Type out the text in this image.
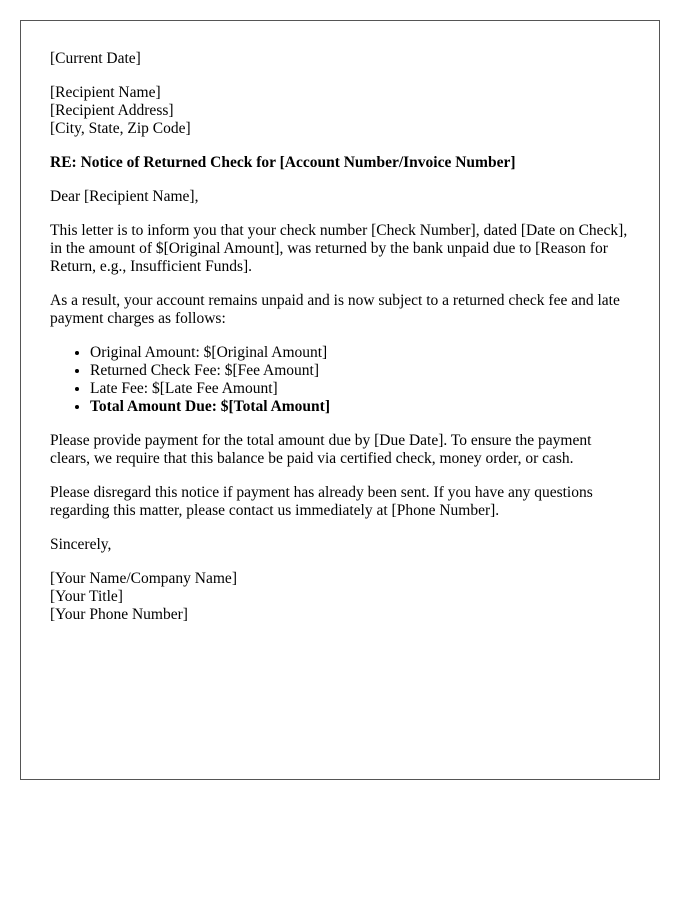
[Current Date]

[Recipient Name]
[Recipient Address]
[City, State, Zip Code]

RE: Notice of Returned Check for [Account Number/Invoice Number]

Dear [Recipient Name],

This letter is to inform you that your check number [Check Number], dated [Date on Check], in the amount of $[Original Amount], was returned by the bank unpaid due to [Reason for Return, e.g., Insufficient Funds].

As a result, your account remains unpaid and is now subject to a returned check fee and late payment charges as follows:

• Original Amount: $[Original Amount]
• Returned Check Fee: $[Fee Amount]
• Late Fee: $[Late Fee Amount]
• Total Amount Due: $[Total Amount]

Please provide payment for the total amount due by [Due Date]. To ensure the payment clears, we require that this balance be paid via certified check, money order, or cash.

Please disregard this notice if payment has already been sent. If you have any questions regarding this matter, please contact us immediately at [Phone Number].

Sincerely,

[Your Name/Company Name]
[Your Title]
[Your Phone Number]
